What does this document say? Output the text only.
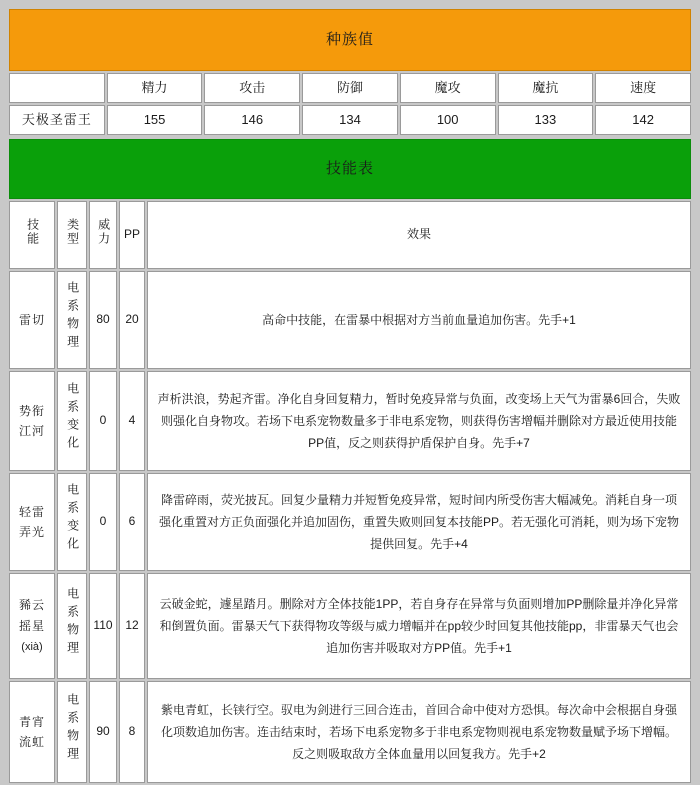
种族值						
	精力	攻击	防御	魔攻	魔抗	速度
天极圣雷王	155	146	134	100	133	142
技能表				
技能	类型	威力	PP	效果
雷切	电系物理	80	20	高命中技能，在雷暴中根据对方当前血量追加伤害。先手+1
势衔江河	电系变化	0	4	声析洪浪，势起齐雷。净化自身回复精力，暂时免疫异常与负面，改变场上天气为雷暴6回合，失败则强化自身物攻。若场下电系宠物数量多于非电系宠物，则获得伤害增幅并删除对方最近使用技能PP值，反之则获得护盾保护自身。先手+7
轻雷弄光	电系变化	0	6	降雷碎雨，荧光披瓦。回复少量精力并短暂免疫异常，短时间内所受伤害大幅减免。消耗自身一项强化重置对方正负面强化并追加固伤，重置失败则回复本技能PP。若无强化可消耗，则为场下宠物提供回复。先手+4
豨云摇星 (xià)	电系物理	110	12	云破金蛇，遽星踏月。删除对方全体技能1PP，若自身存在异常与负面则增加PP删除量并净化异常和倒置负面。雷暴天气下获得物攻等级与威力增幅并在pp较少时回复其他技能pp，非雷暴天气也会追加伤害并吸取对方PP值。先手+1
青宵流虹	电系物理	90	8	紫电青虹，长铗行空。驭电为剑进行三回合连击，首回合命中使对方恐惧。每次命中会根据自身强化项数追加伤害。连击结束时，若场下电系宠物多于非电系宠物则视电系宠物数量赋予场下增幅。反之则吸取敌方全体血量用以回复我方。先手+2
